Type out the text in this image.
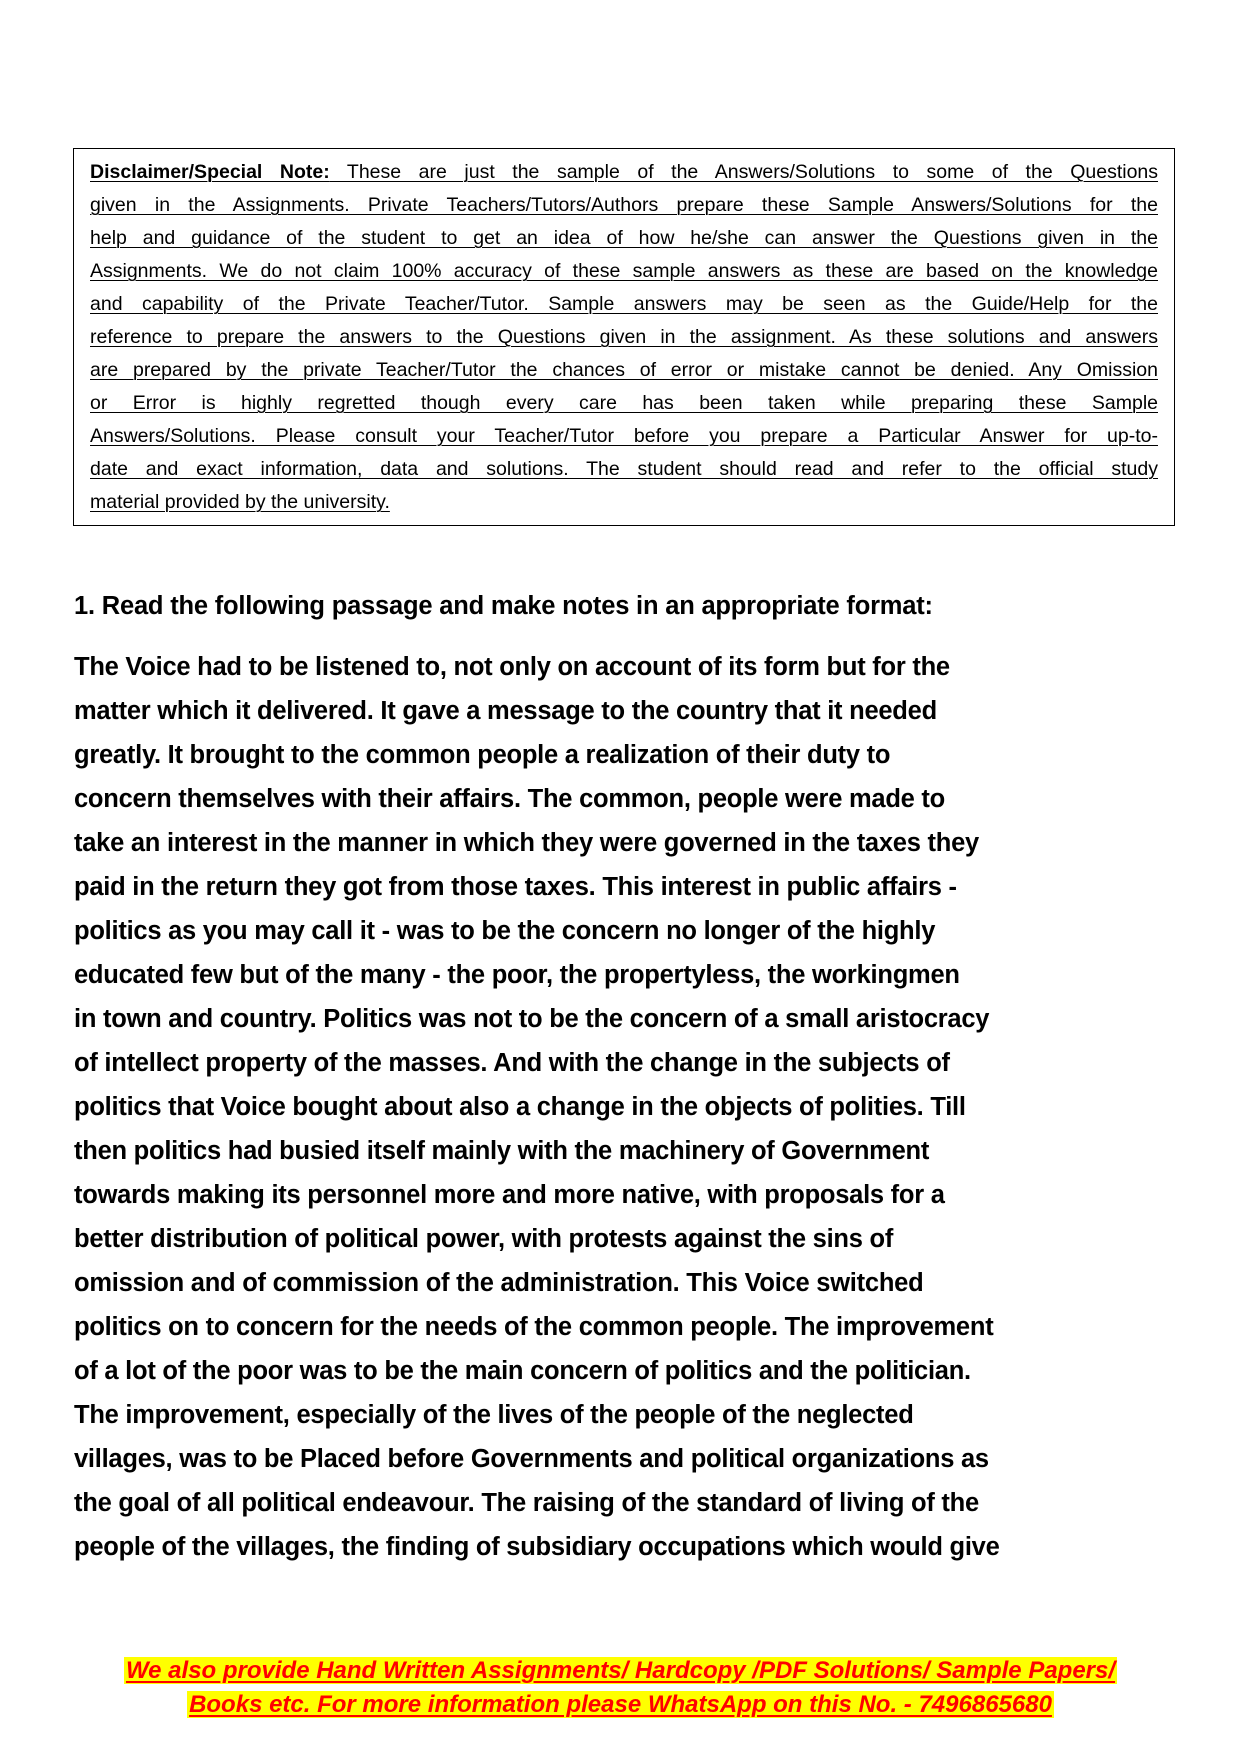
Disclaimer/Special Note: These are just the sample of the Answers/Solutions to some of the Questions
given in the Assignments. Private Teachers/Tutors/Authors prepare these Sample Answers/Solutions for the
help and guidance of the student to get an idea of how he/she can answer the Questions given in the
Assignments. We do not claim 100% accuracy of these sample answers as these are based on the knowledge
and capability of the Private Teacher/Tutor. Sample answers may be seen as the Guide/Help for the
reference to prepare the answers to the Questions given in the assignment. As these solutions and answers
are prepared by the private Teacher/Tutor the chances of error or mistake cannot be denied. Any Omission
or Error is highly regretted though every care has been taken while preparing these Sample
Answers/Solutions. Please consult your Teacher/Tutor before you prepare a Particular Answer for up-to-
date and exact information, data and solutions. The student should read and refer to the official study
material provided by the university.
1. Read the following passage and make notes in an appropriate format:
The Voice had to be listened to, not only on account of its form but for the
matter which it delivered. It gave a message to the country that it needed
greatly. It brought to the common people a realization of their duty to
concern themselves with their affairs. The common, people were made to
take an interest in the manner in which they were governed in the taxes they
paid in the return they got from those taxes. This interest in public affairs -
politics as you may call it - was to be the concern no longer of the highly
educated few but of the many - the poor, the propertyless, the workingmen
in town and country. Politics was not to be the concern of a small aristocracy
of intellect property of the masses. And with the change in the subjects of
politics that Voice bought about also a change in the objects of polities. Till
then politics had busied itself mainly with the machinery of Government
towards making its personnel more and more native, with proposals for a
better distribution of political power, with protests against the sins of
omission and of commission of the administration. This Voice switched
politics on to concern for the needs of the common people. The improvement
of a lot of the poor was to be the main concern of politics and the politician.
The improvement, especially of the lives of the people of the neglected
villages, was to be Placed before Governments and political organizations as
the goal of all political endeavour. The raising of the standard of living of the
people of the villages, the finding of subsidiary occupations which would give
We also provide Hand Written Assignments/ Hardcopy /PDF Solutions/ Sample Papers/
Books etc. For more information please WhatsApp on this No. - 7496865680
